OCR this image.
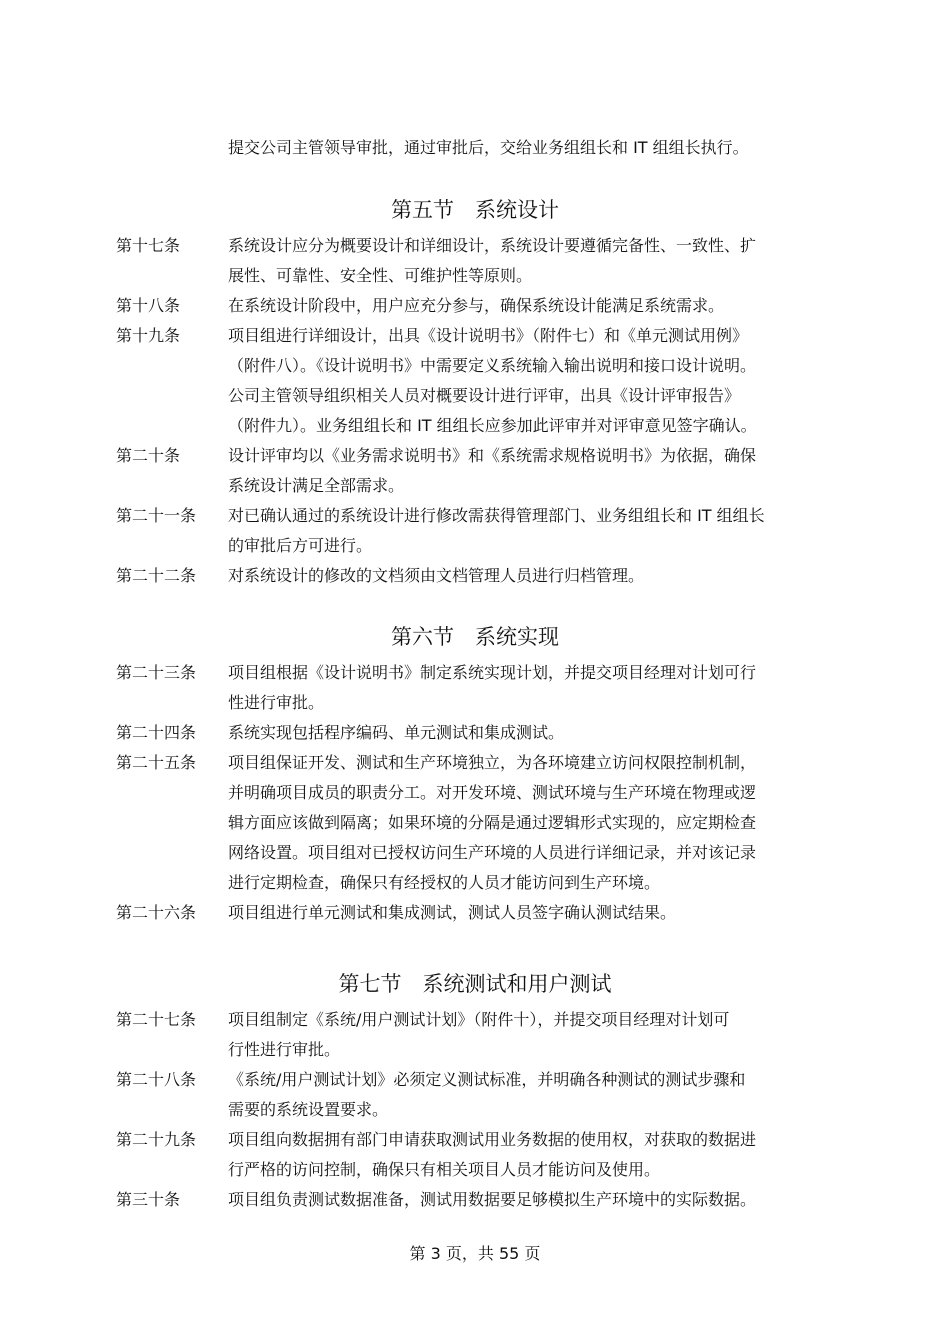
提交公司主管领导审批，通过审批后，交给业务组组长和 IT 组组长执行。
第五节　系统设计
第十七条	系统设计应分为概要设计和详细设计，系统设计要遵循完备性、一致性、扩
展性、可靠性、安全性、可维护性等原则。
第十八条	在系统设计阶段中，用户应充分参与，确保系统设计能满足系统需求。
第十九条	项目组进行详细设计，出具《设计说明书》（附件七）和《单元测试用例》
（附件八）。《设计说明书》中需要定义系统输入输出说明和接口设计说明。
公司主管领导组织相关人员对概要设计进行评审，出具《设计评审报告》
（附件九）。业务组组长和 IT 组组长应参加此评审并对评审意见签字确认。
第二十条	设计评审均以《业务需求说明书》和《系统需求规格说明书》为依据，确保
系统设计满足全部需求。
第二十一条 对已确认通过的系统设计进行修改需获得管理部门、业务组组长和 IT 组组长
的审批后方可进行。
第二十二条 对系统设计的修改的文档须由文档管理人员进行归档管理。
第六节　系统实现
第二十三条 项目组根据《设计说明书》制定系统实现计划，并提交项目经理对计划可行
性进行审批。
第二十四条 系统实现包括程序编码、单元测试和集成测试。
第二十五条 项目组保证开发、测试和生产环境独立，为各环境建立访问权限控制机制，
并明确项目成员的职责分工。对开发环境、测试环境与生产环境在物理或逻
辑方面应该做到隔离；如果环境的分隔是通过逻辑形式实现的，应定期检查
网络设置。项目组对已授权访问生产环境的人员进行详细记录，并对该记录
进行定期检查，确保只有经授权的人员才能访问到生产环境。
第二十六条 项目组进行单元测试和集成测试，测试人员签字确认测试结果。
第七节　系统测试和用户测试
第二十七条 项目组制定《系统/用户测试计划》（附件十），并提交项目经理对计划可
行性进行审批。
第二十八条 《系统/用户测试计划》必须定义测试标准，并明确各种测试的测试步骤和
需要的系统设置要求。
第二十九条 项目组向数据拥有部门申请获取测试用业务数据的使用权，对获取的数据进
行严格的访问控制，确保只有相关项目人员才能访问及使用。
第三十条	项目组负责测试数据准备，测试用数据要足够模拟生产环境中的实际数据。
第 3 页，共 55 页
